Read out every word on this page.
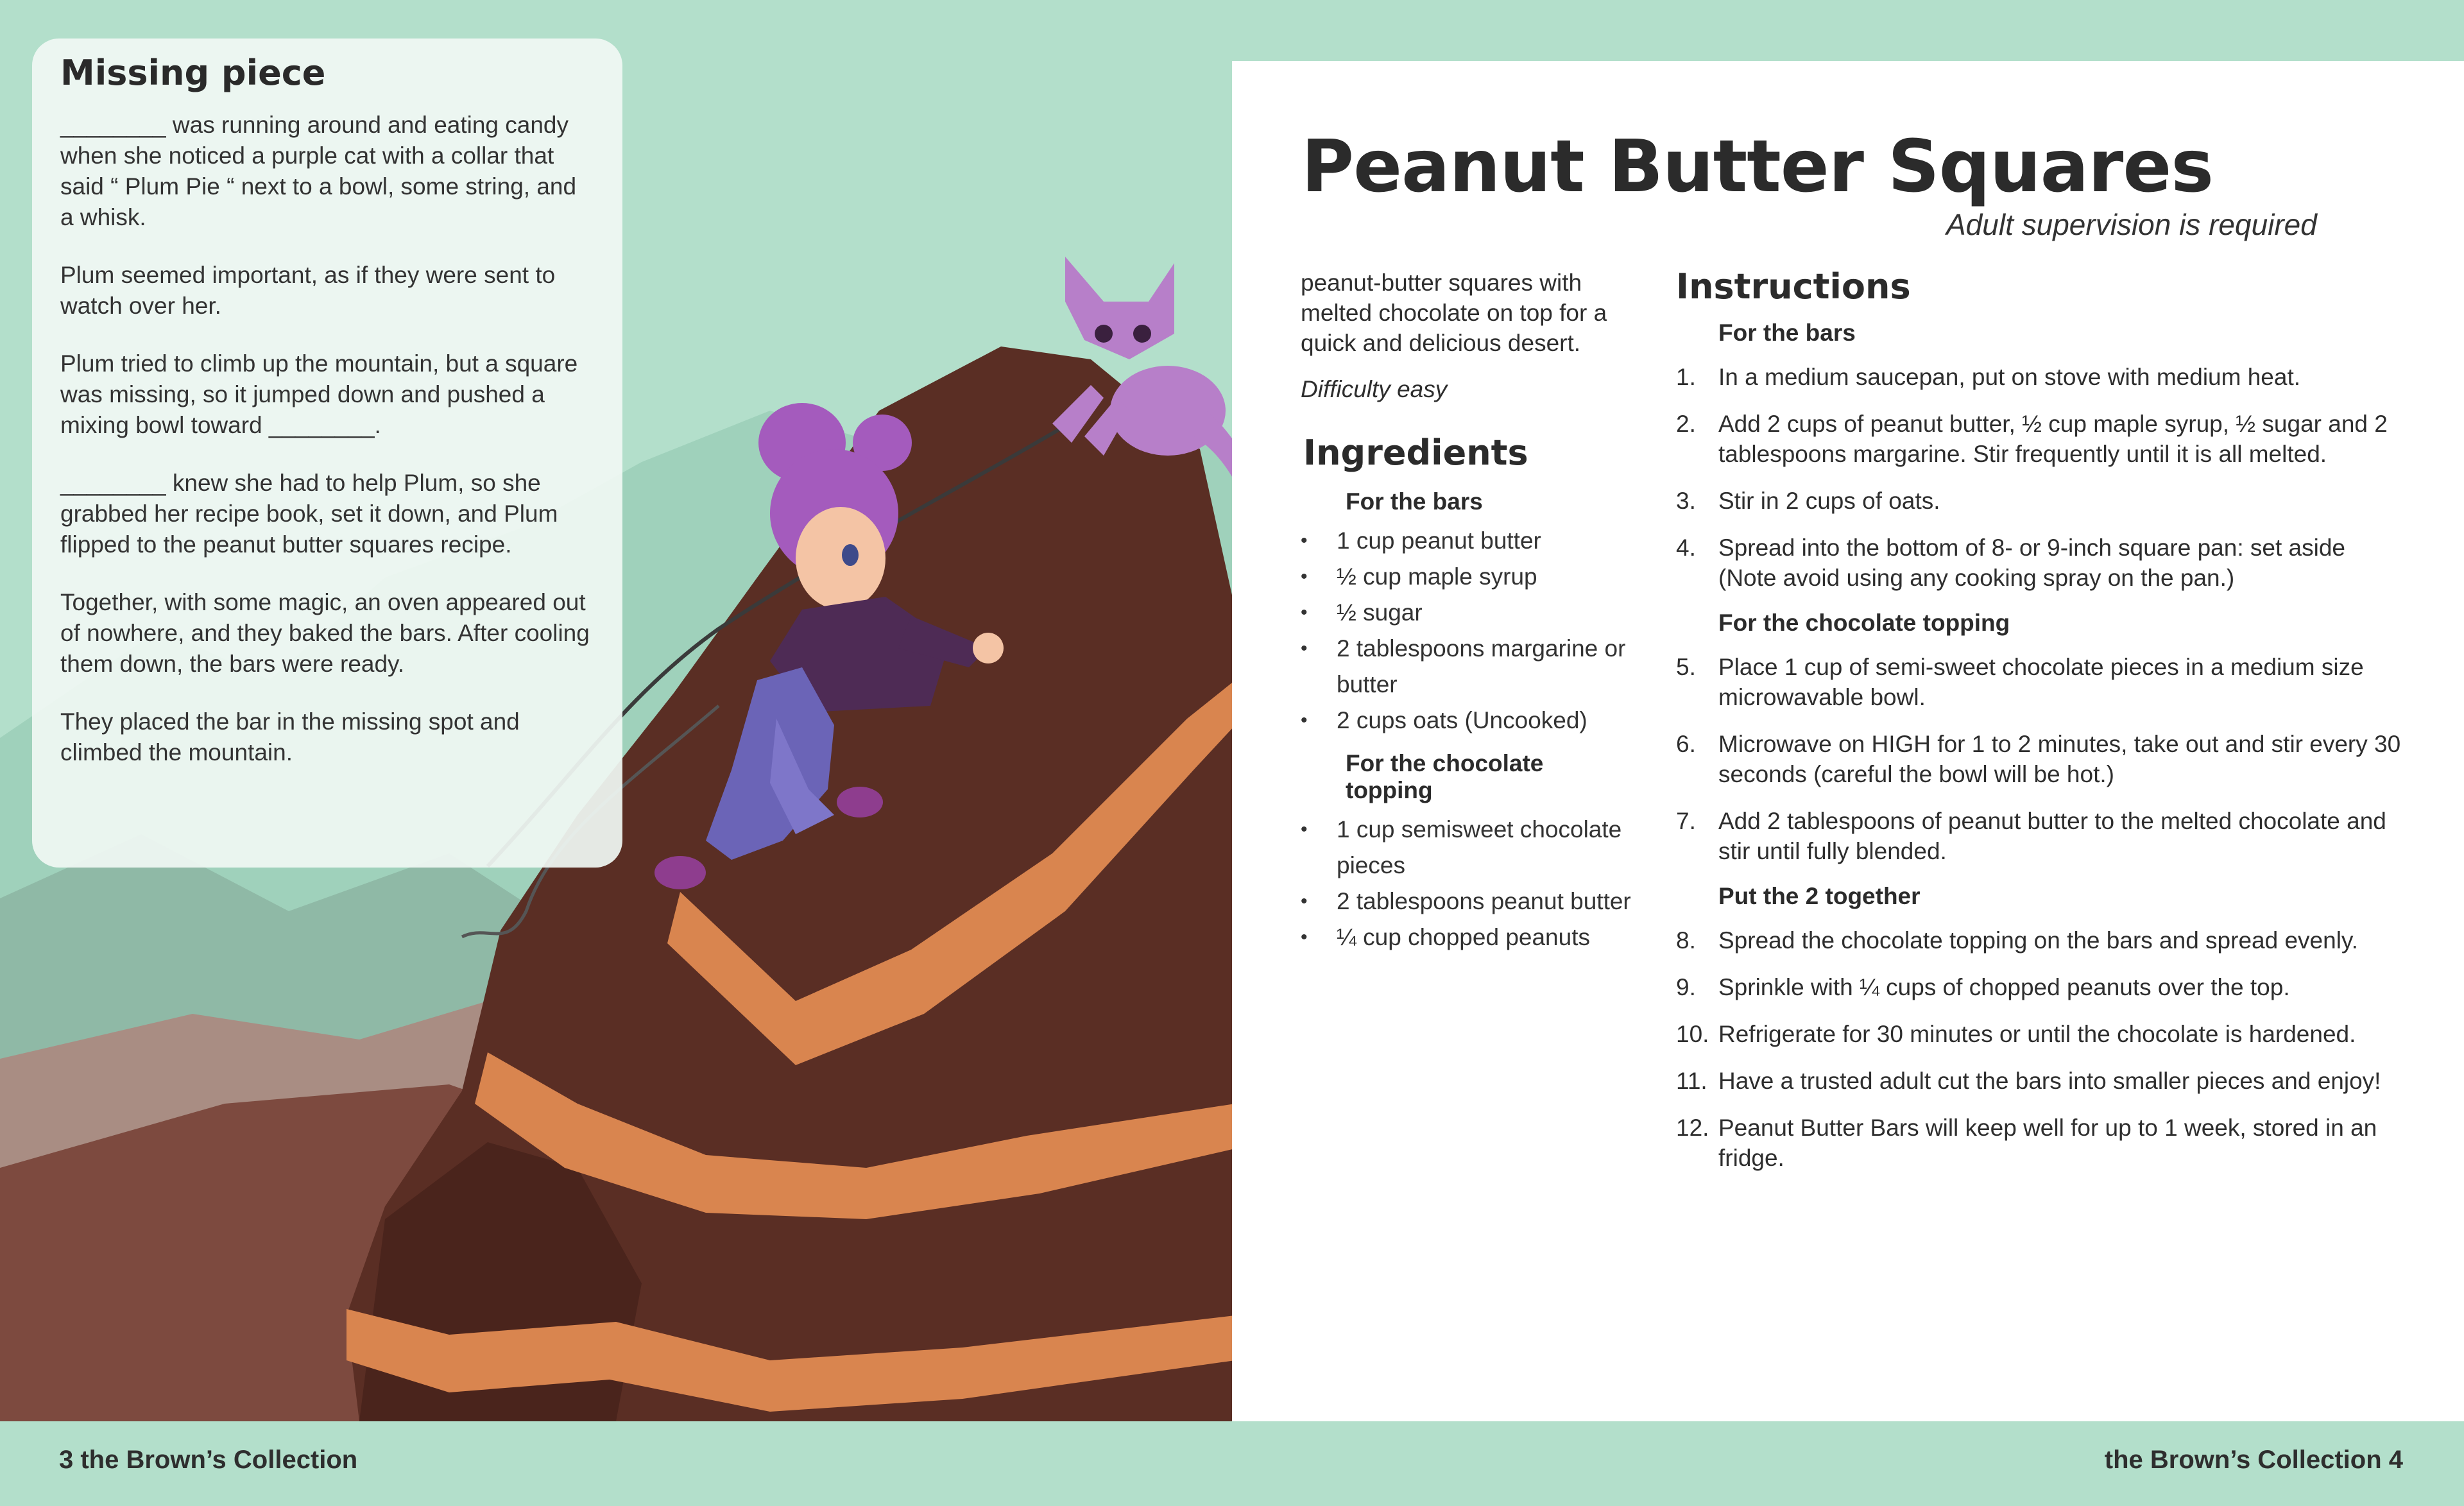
Missing piece

________ was running around and eating candy when she noticed a purple cat with a collar that said “ Plum Pie “ next to a bowl, some string, and a whisk.

Plum seemed important, as if they were sent to watch over her.

Plum tried to climb up the mountain, but a square was missing, so it jumped down and pushed a mixing bowl toward ________.

________ knew she had to help Plum, so she grabbed her recipe book, set it down, and Plum flipped to the peanut butter squares recipe.

Together, with some magic, an oven appeared out of nowhere, and they baked the bars. After cooling them down, the bars were ready.

They placed the bar in the missing spot and climbed the mountain.

Peanut Butter Squares

Adult supervision is required

peanut-butter squares with melted chocolate on top for a quick and delicious desert.

Difficulty easy

Ingredients

For the bars

• 1 cup peanut butter
• ½ cup maple syrup
• ½ sugar
• 2 tablespoons margarine or butter
• 2 cups oats (Uncooked)

For the chocolate topping

• 1 cup semisweet chocolate pieces
• 2 tablespoons peanut butter
• ¼ cup chopped peanuts
Instructions

For the bars

1. In a medium saucepan, put on stove with medium heat.
2. Add 2 cups of peanut butter, ½ cup maple syrup, ½ sugar and 2 tablespoons margarine. Stir frequently until it is all melted.
3. Stir in 2 cups of oats.
4. Spread into the bottom of 8- or 9-inch square pan: set aside (Note avoid using any cooking spray on the pan.)

For the chocolate topping

5. Place 1 cup of semi-sweet chocolate pieces in a medium size microwavable bowl.
6. Microwave on HIGH for 1 to 2 minutes, take out and stir every 30 seconds (careful the bowl will be hot.)
7. Add 2 tablespoons of peanut butter to the melted chocolate and stir until fully blended.

Put the 2 together

8. Spread the chocolate topping on the bars and spread evenly.
9. Sprinkle with ¼ cups of chopped peanuts over the top.
10. Refrigerate for 30 minutes or until the chocolate is hardened.
11. Have a trusted adult cut the bars into smaller pieces and enjoy!
12. Peanut Butter Bars will keep well for up to 1 week, stored in an fridge.
3 the Brown’s Collection	the Brown’s Collection 4
